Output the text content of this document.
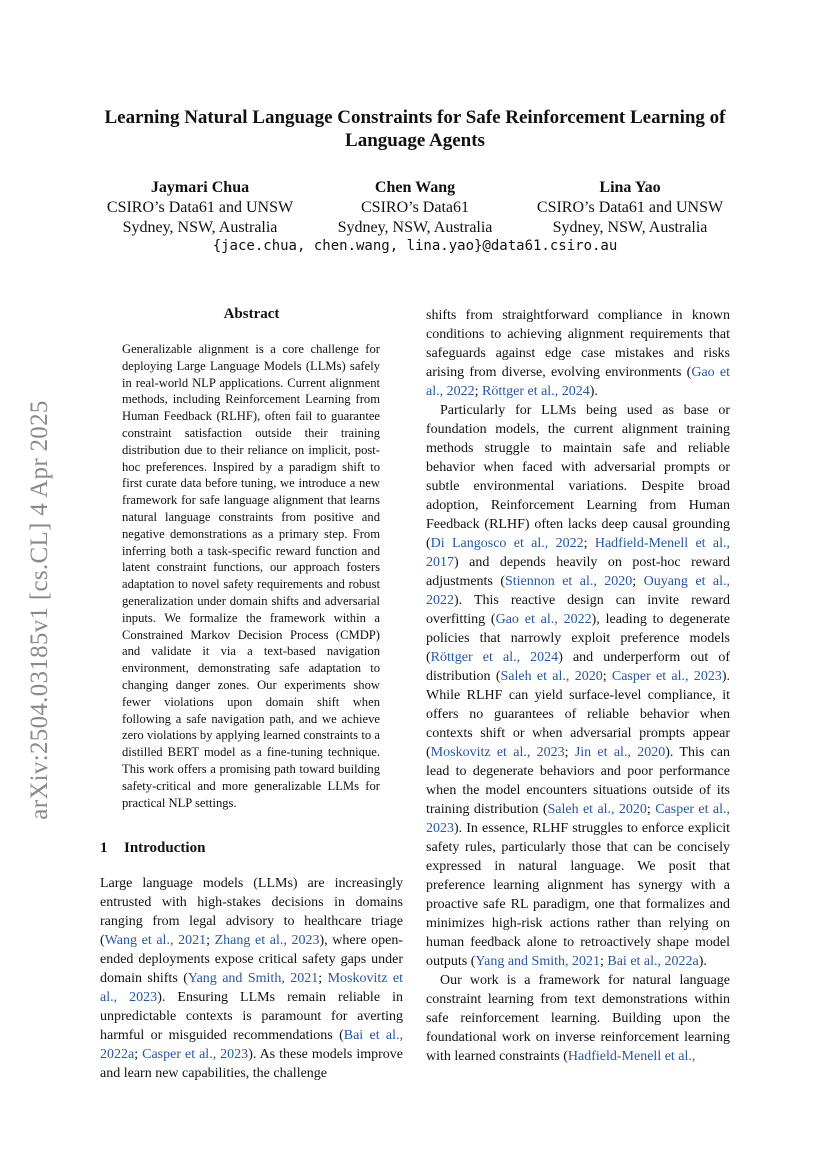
arXiv:2504.03185v1 [cs.CL] 4 Apr 2025
Learning Natural Language Constraints for Safe Reinforcement Learning of Language Agents
Jaymari Chua
CSIRO’s Data61 and UNSW
Sydney, NSW, Australia
Chen Wang
CSIRO’s Data61
Sydney, NSW, Australia
Lina Yao
CSIRO’s Data61 and UNSW
Sydney, NSW, Australia
{jace.chua, chen.wang, lina.yao}@data61.csiro.au
Abstract
Generalizable alignment is a core challenge for deploying Large Language Models (LLMs) safely in real-world NLP applications. Current alignment methods, including Reinforcement Learning from Human Feedback (RLHF), often fail to guarantee constraint satisfaction outside their training distribution due to their reliance on implicit, post-hoc preferences. Inspired by a paradigm shift to first curate data before tuning, we introduce a new framework for safe language alignment that learns natural language constraints from positive and negative demonstrations as a primary step. From inferring both a task-specific reward function and latent constraint functions, our approach fosters adaptation to novel safety requirements and robust generalization under domain shifts and adversarial inputs. We formalize the framework within a Constrained Markov Decision Process (CMDP) and validate it via a text-based navigation environment, demonstrating safe adaptation to changing danger zones. Our experiments show fewer violations upon domain shift when following a safe navigation path, and we achieve zero violations by applying learned constraints to a distilled BERT model as a fine-tuning technique. This work offers a promising path toward building safety-critical and more generalizable LLMs for practical NLP settings.
1 Introduction

Large language models (LLMs) are increasingly entrusted with high-stakes decisions in domains ranging from legal advisory to healthcare triage (Wang et al., 2021; Zhang et al., 2023), where open-ended deployments expose critical safety gaps under domain shifts (Yang and Smith, 2021; Moskovitz et al., 2023). Ensuring LLMs remain reliable in unpredictable contexts is paramount for averting harmful or misguided recommendations (Bai et al., 2022a; Casper et al., 2023). As these models improve and learn new capabilities, the challenge

shifts from straightforward compliance in known conditions to achieving alignment requirements that safeguards against edge case mistakes and risks arising from diverse, evolving environments (Gao et al., 2022; Röttger et al., 2024).

Particularly for LLMs being used as base or foundation models, the current alignment training methods struggle to maintain safe and reliable behavior when faced with adversarial prompts or subtle environmental variations. Despite broad adoption, Reinforcement Learning from Human Feedback (RLHF) often lacks deep causal grounding (Di Langosco et al., 2022; Hadfield-Menell et al., 2017) and depends heavily on post-hoc reward adjustments (Stiennon et al., 2020; Ouyang et al., 2022). This reactive design can invite reward overfitting (Gao et al., 2022), leading to degenerate policies that narrowly exploit preference models (Röttger et al., 2024) and underperform out of distribution (Saleh et al., 2020; Casper et al., 2023). While RLHF can yield surface-level compliance, it offers no guarantees of reliable behavior when contexts shift or when adversarial prompts appear (Moskovitz et al., 2023; Jin et al., 2020). This can lead to degenerate behaviors and poor performance when the model encounters situations outside of its training distribution (Saleh et al., 2020; Casper et al., 2023). In essence, RLHF struggles to enforce explicit safety rules, particularly those that can be concisely expressed in natural language. We posit that preference learning alignment has synergy with a proactive safe RL paradigm, one that formalizes and minimizes high-risk actions rather than relying on human feedback alone to retroactively shape model outputs (Yang and Smith, 2021; Bai et al., 2022a).

Our work is a framework for natural language constraint learning from text demonstrations within safe reinforcement learning. Building upon the foundational work on inverse reinforcement learning with learned constraints (Hadfield-Menell et al.,
